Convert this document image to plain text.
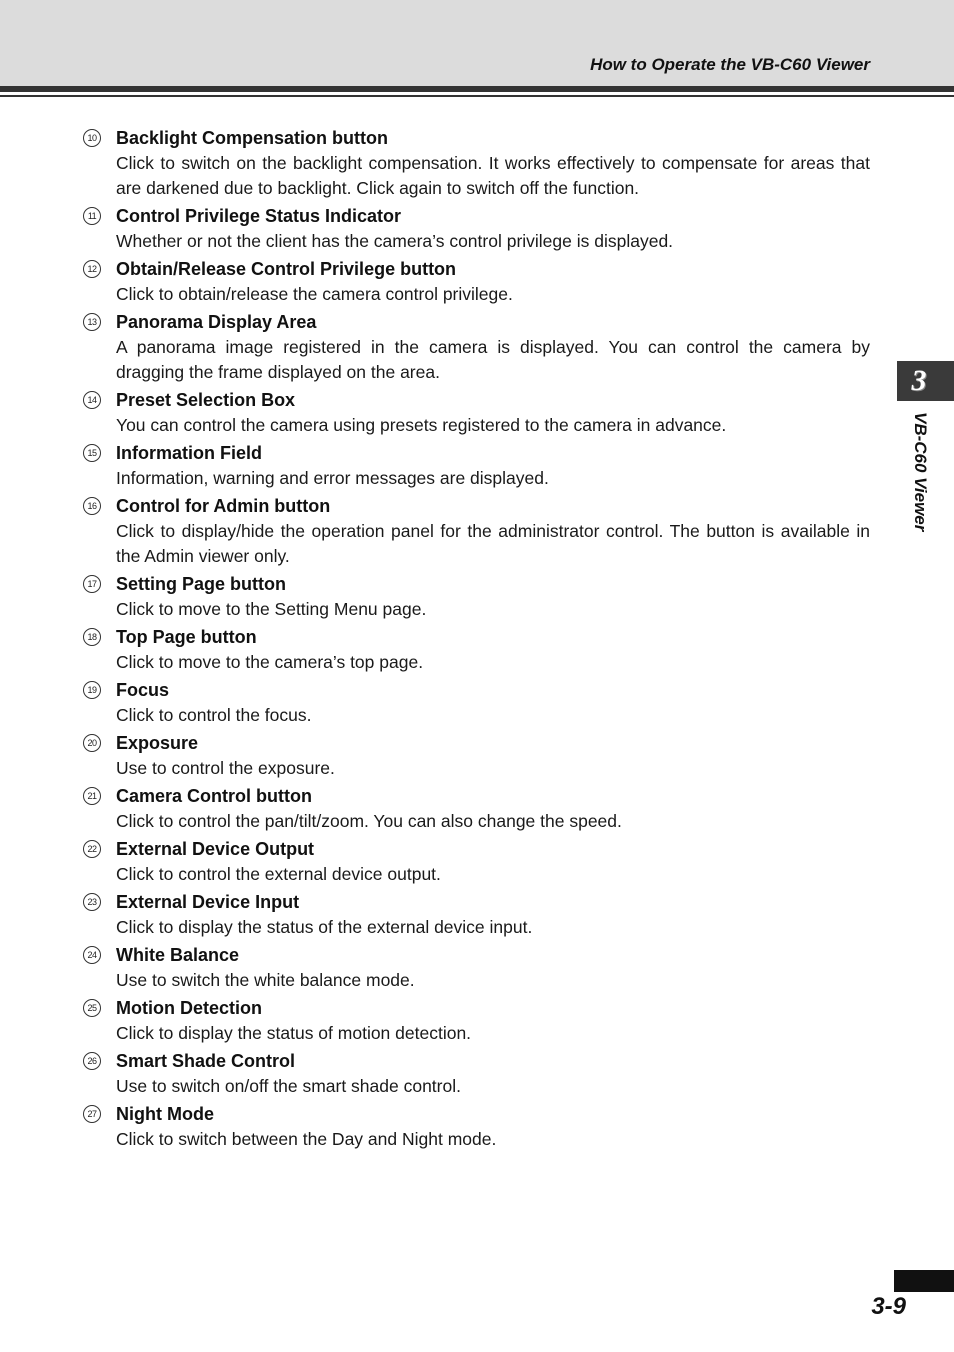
How to Operate the VB-C60 Viewer
10 Backlight Compensation button
Click to switch on the backlight compensation. It works effectively to compensate for areas that are darkened due to backlight. Click again to switch off the function.
11 Control Privilege Status Indicator
Whether or not the client has the camera’s control privilege is displayed.
12 Obtain/Release Control Privilege button
Click to obtain/release the camera control privilege.
13 Panorama Display Area
A panorama image registered in the camera is displayed. You can control the camera by dragging the frame displayed on the area.
14 Preset Selection Box
You can control the camera using presets registered to the camera in advance.
15 Information Field
Information, warning and error messages are displayed.
16 Control for Admin button
Click to display/hide the operation panel for the administrator control. The button is available in the Admin viewer only.
17 Setting Page button
Click to move to the Setting Menu page.
18 Top Page button
Click to move to the camera’s top page.
19 Focus
Click to control the focus.
20 Exposure
Use to control the exposure.
21 Camera Control button
Click to control the pan/tilt/zoom. You can also change the speed.
22 External Device Output
Click to control the external device output.
23 External Device Input
Click to display the status of the external device input.
24 White Balance
Use to switch the white balance mode.
25 Motion Detection
Click to display the status of motion detection.
26 Smart Shade Control
Use to switch on/off the smart shade control.
27 Night Mode
Click to switch between the Day and Night mode.
3
VB-C60 Viewer
3-9
